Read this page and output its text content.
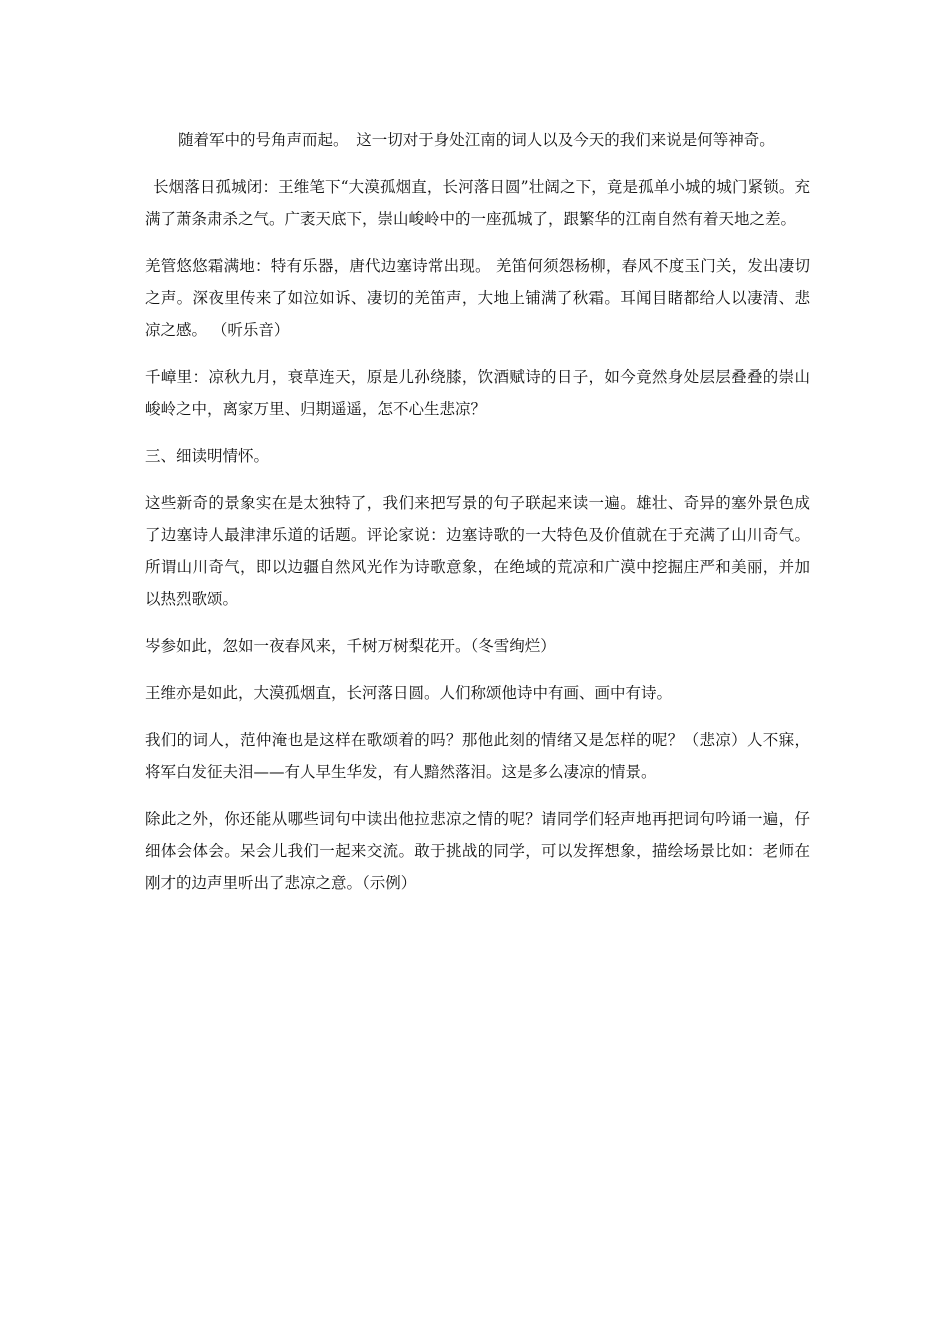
随着军中的号角声而起。　这一切对于身处江南的词人以及今天的我们来说是何等神奇。

长烟落日孤城闭：王维笔下“大漠孤烟直，长河落日圆”壮阔之下，竟是孤单小城的城门紧锁。充满了萧条肃杀之气。广袤天底下，崇山峻岭中的一座孤城了，跟繁华的江南自然有着天地之差。

羌管悠悠霜满地：特有乐器，唐代边塞诗常出现。 羌笛何须怨杨柳，春风不度玉门关，发出凄切之声。深夜里传来了如泣如诉、凄切的羌笛声，大地上铺满了秋霜。耳闻目睹都给人以凄清、悲凉之感。 （听乐音）

千嶂里：凉秋九月，衰草连天，原是儿孙绕膝，饮酒赋诗的日子，如今竟然身处层层叠叠的崇山峻岭之中，离家万里、归期遥遥，怎不心生悲凉？

三、细读明情怀。

这些新奇的景象实在是太独特了，我们来把写景的句子联起来读一遍。雄壮、奇异的塞外景色成了边塞诗人最津津乐道的话题。评论家说：边塞诗歌的一大特色及价值就在于充满了山川奇气。所谓山川奇气，即以边疆自然风光作为诗歌意象，在绝域的荒凉和广漠中挖掘庄严和美丽，并加以热烈歌颂。

岑参如此，忽如一夜春风来，千树万树梨花开。（冬雪绚烂）

王维亦是如此，大漠孤烟直，长河落日圆。人们称颂他诗中有画、画中有诗。

我们的词人，范仲淹也是这样在歌颂着的吗？那他此刻的情绪又是怎样的呢？（悲凉）人不寐，将军白发征夫泪——有人早生华发，有人黯然落泪。这是多么凄凉的情景。

除此之外，你还能从哪些词句中读出他拉悲凉之情的呢？请同学们轻声地再把词句吟诵一遍，仔细体会体会。呆会儿我们一起来交流。敢于挑战的同学，可以发挥想象，描绘场景比如：老师在刚才的边声里听出了悲凉之意。（示例）
